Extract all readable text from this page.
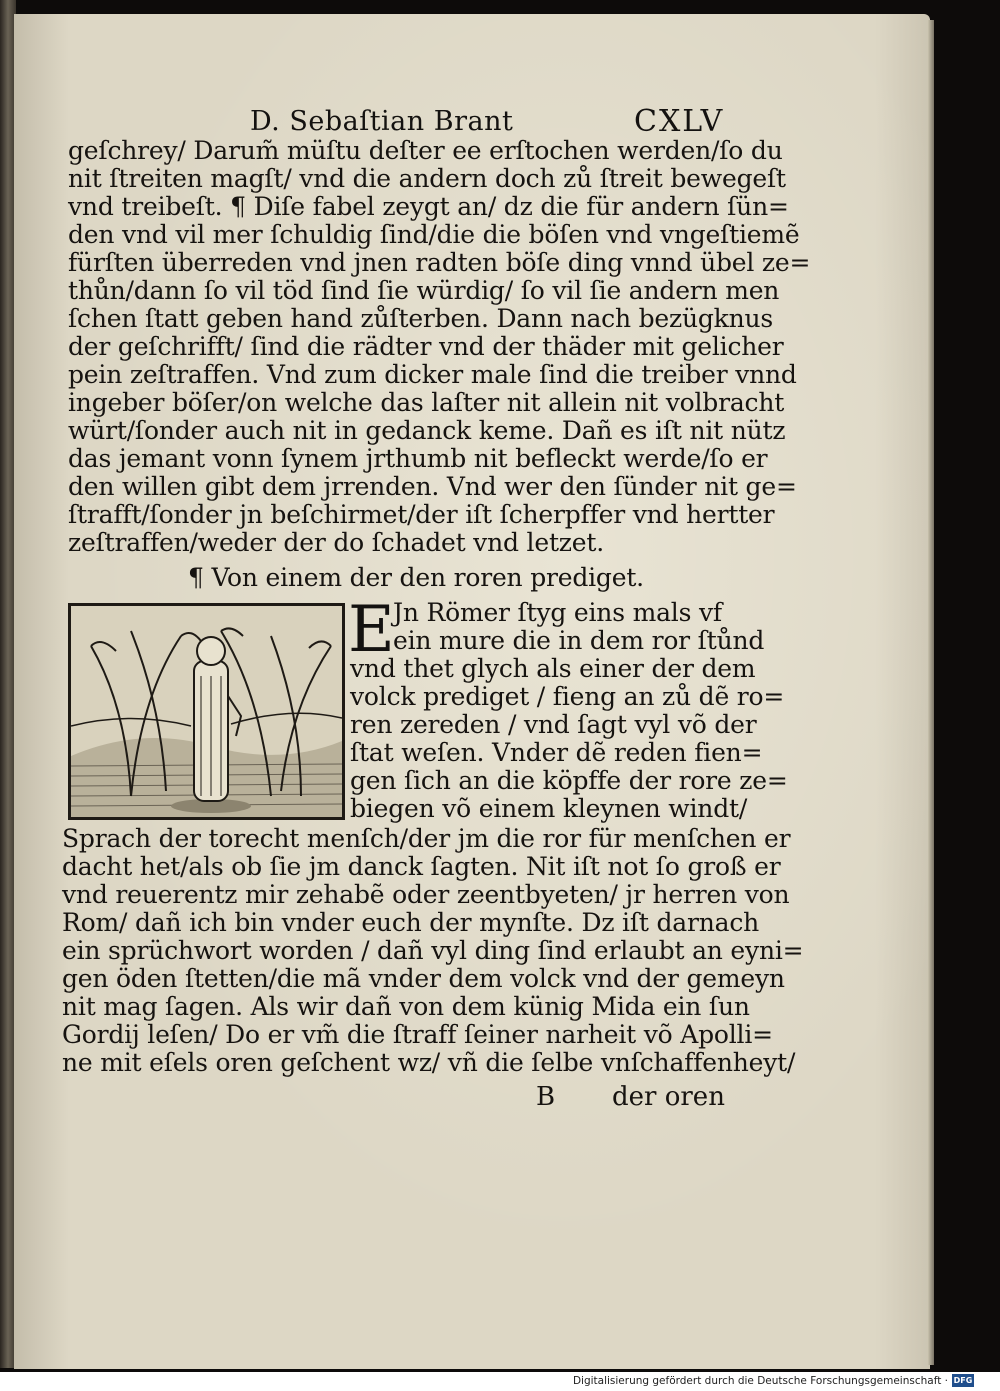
D. Sebaſtian Brant	CXLV
geſchrey/ Darum̃ müſtu deſter ee erſtochen werden/ſo du
nit ſtreiten magſt/ vnd die andern doch zů ſtreit bewegeſt
vnd treibeſt. ¶ Diſe fabel zeygt an/ dz die für andern ſün=
den vnd vil mer ſchuldig ſind/die die böſen vnd vngeſtiemẽ
fürſten überreden vnd jnen radten böſe ding vnnd übel ze=
thůn/dann ſo vil töd ſind ſie würdig/ ſo vil ſie andern men
ſchen ſtatt geben hand zůſterben. Dann nach bezügknus
der geſchrifft/ ſind die rädter vnd der thäder mit gelicher
pein zeſtraffen. Vnd zum dicker male ſind die treiber vnnd
ingeber böſer/on welche das laſter nit allein nit volbracht
würt/ſonder auch nit in gedanck keme. Dañ es iſt nit nütz
das jemant vonn ſynem jrthumb nit befleckt werde/ſo er
den willen gibt dem jrrenden. Vnd wer den ſünder nit ge=
ſtrafft/ſonder jn beſchirmet/der iſt ſcherpffer vnd hertter
zeſtraffen/weder der do ſchadet vnd letzet.
¶ Von einem der den roren prediget.
E
Jn Römer ſtyg eins mals vf
ein mure die in dem ror ſtůnd
vnd thet glych als einer der dem
volck prediget / fieng an zů dẽ ro=
ren zereden / vnd ſagt vyl võ der
ſtat weſen. Vnder dẽ reden fien=
gen ſich an die köpffe der rore ze=
biegen võ einem kleynen windt/
Sprach der torecht menſch/der jm die ror für menſchen er
dacht het/als ob ſie jm danck ſagten. Nit iſt not ſo groß er
vnd reuerentz mir zehabẽ oder zeentbyeten/ jr herren von
Rom/ dañ ich bin vnder euch der mynſte. Dz iſt darnach
ein sprüchwort worden / dañ vyl ding ſind erlaubt an eyni=
gen öden ſtetten/die mã vnder dem volck vnd der gemeyn
nit mag ſagen. Als wir dañ von dem künig Mida ein ſun
Gordij leſen/ Do er vm̃ die ſtraff ſeiner narheit võ Apolli=
ne mit eſels oren geſchent wz/ vñ die ſelbe vnſchaffenheyt/
B der oren
Digitalisierung gefördert durch die Deutsche Forschungsgemeinschaft · DFG
